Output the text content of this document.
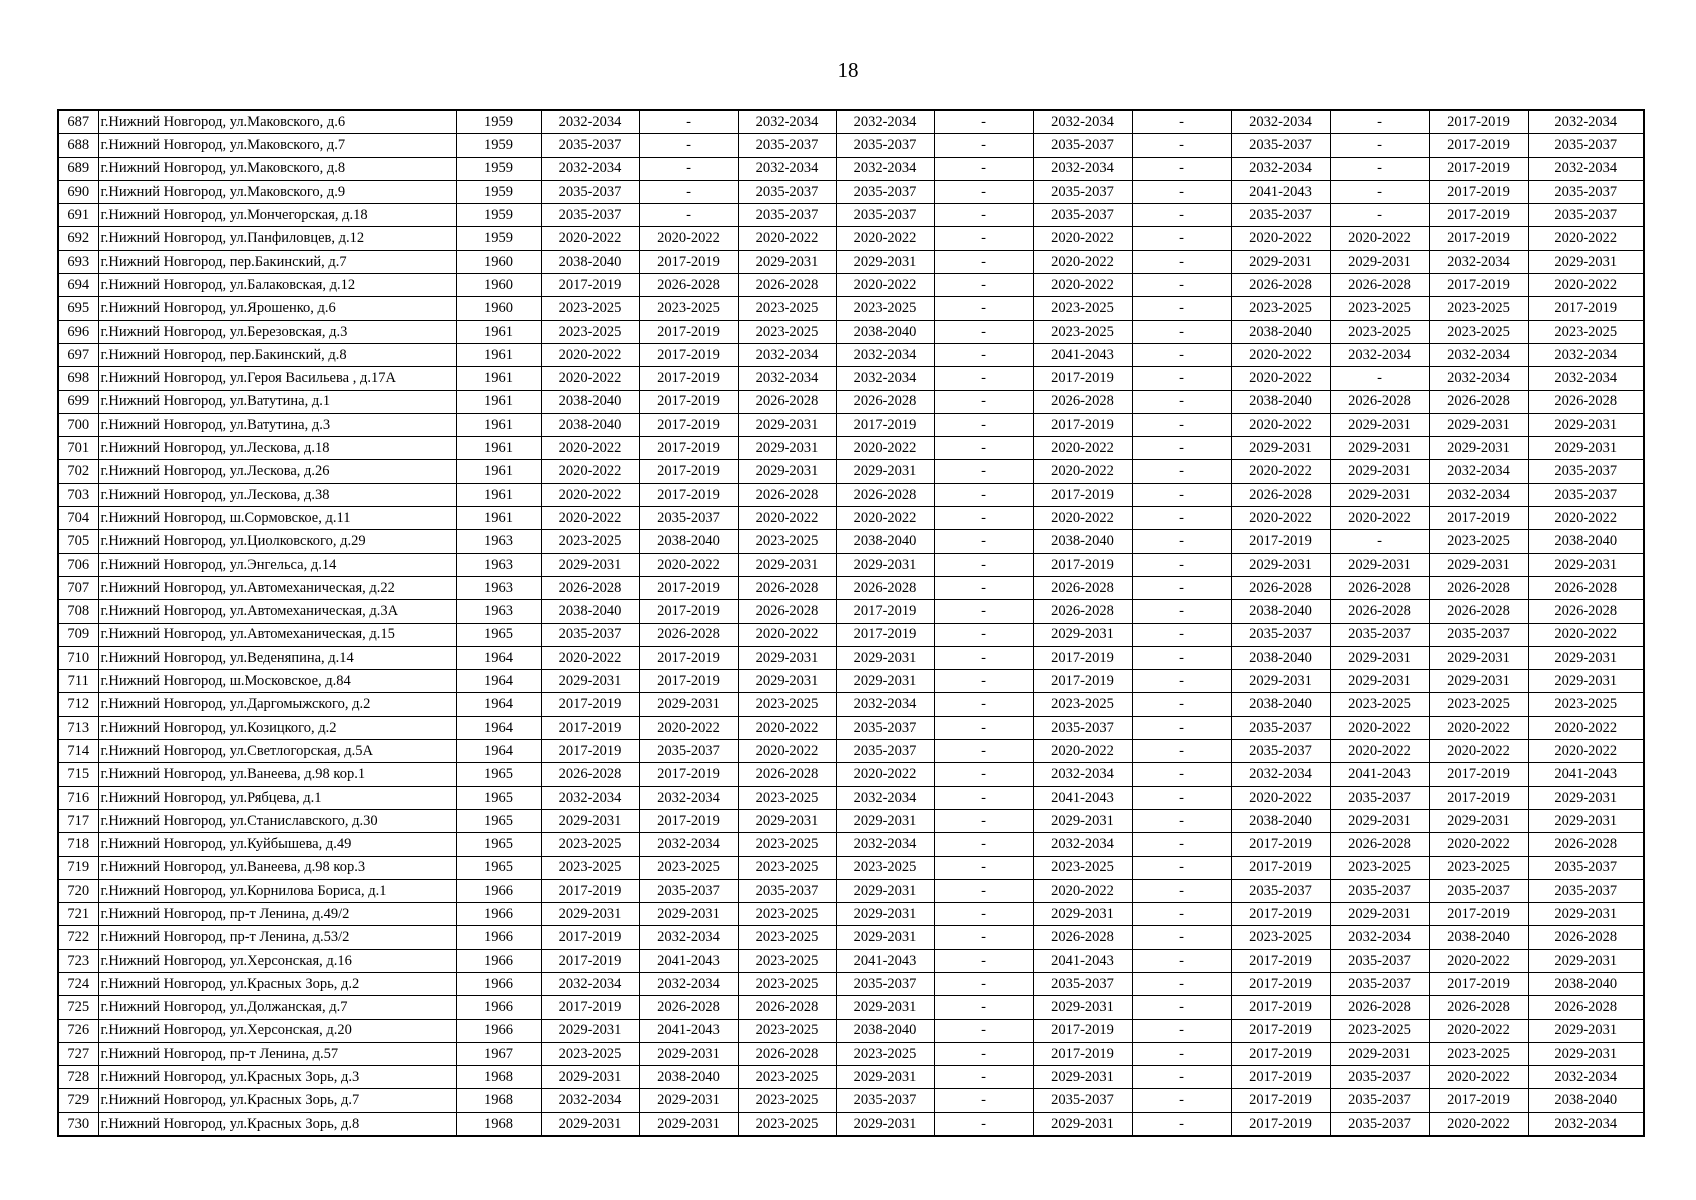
18
687	г.Нижний Новгород, ул.Маковского, д.6	1959	2032-2034	-	2032-2034	2032-2034	-	2032-2034	-	2032-2034	-	2017-2019	2032-2034
688	г.Нижний Новгород, ул.Маковского, д.7	1959	2035-2037	-	2035-2037	2035-2037	-	2035-2037	-	2035-2037	-	2017-2019	2035-2037
689	г.Нижний Новгород, ул.Маковского, д.8	1959	2032-2034	-	2032-2034	2032-2034	-	2032-2034	-	2032-2034	-	2017-2019	2032-2034
690	г.Нижний Новгород, ул.Маковского, д.9	1959	2035-2037	-	2035-2037	2035-2037	-	2035-2037	-	2041-2043	-	2017-2019	2035-2037
691	г.Нижний Новгород, ул.Мончегорская, д.18	1959	2035-2037	-	2035-2037	2035-2037	-	2035-2037	-	2035-2037	-	2017-2019	2035-2037
692	г.Нижний Новгород, ул.Панфиловцев, д.12	1959	2020-2022	2020-2022	2020-2022	2020-2022	-	2020-2022	-	2020-2022	2020-2022	2017-2019	2020-2022
693	г.Нижний Новгород, пер.Бакинский, д.7	1960	2038-2040	2017-2019	2029-2031	2029-2031	-	2020-2022	-	2029-2031	2029-2031	2032-2034	2029-2031
694	г.Нижний Новгород, ул.Балаковская, д.12	1960	2017-2019	2026-2028	2026-2028	2020-2022	-	2020-2022	-	2026-2028	2026-2028	2017-2019	2020-2022
695	г.Нижний Новгород, ул.Ярошенко, д.6	1960	2023-2025	2023-2025	2023-2025	2023-2025	-	2023-2025	-	2023-2025	2023-2025	2023-2025	2017-2019
696	г.Нижний Новгород, ул.Березовская, д.3	1961	2023-2025	2017-2019	2023-2025	2038-2040	-	2023-2025	-	2038-2040	2023-2025	2023-2025	2023-2025
697	г.Нижний Новгород, пер.Бакинский, д.8	1961	2020-2022	2017-2019	2032-2034	2032-2034	-	2041-2043	-	2020-2022	2032-2034	2032-2034	2032-2034
698	г.Нижний Новгород, ул.Героя Васильева , д.17А	1961	2020-2022	2017-2019	2032-2034	2032-2034	-	2017-2019	-	2020-2022	-	2032-2034	2032-2034
699	г.Нижний Новгород, ул.Ватутина, д.1	1961	2038-2040	2017-2019	2026-2028	2026-2028	-	2026-2028	-	2038-2040	2026-2028	2026-2028	2026-2028
700	г.Нижний Новгород, ул.Ватутина, д.3	1961	2038-2040	2017-2019	2029-2031	2017-2019	-	2017-2019	-	2020-2022	2029-2031	2029-2031	2029-2031
701	г.Нижний Новгород, ул.Лескова, д.18	1961	2020-2022	2017-2019	2029-2031	2020-2022	-	2020-2022	-	2029-2031	2029-2031	2029-2031	2029-2031
702	г.Нижний Новгород, ул.Лескова, д.26	1961	2020-2022	2017-2019	2029-2031	2029-2031	-	2020-2022	-	2020-2022	2029-2031	2032-2034	2035-2037
703	г.Нижний Новгород, ул.Лескова, д.38	1961	2020-2022	2017-2019	2026-2028	2026-2028	-	2017-2019	-	2026-2028	2029-2031	2032-2034	2035-2037
704	г.Нижний Новгород, ш.Сормовское, д.11	1961	2020-2022	2035-2037	2020-2022	2020-2022	-	2020-2022	-	2020-2022	2020-2022	2017-2019	2020-2022
705	г.Нижний Новгород, ул.Циолковского, д.29	1963	2023-2025	2038-2040	2023-2025	2038-2040	-	2038-2040	-	2017-2019	-	2023-2025	2038-2040
706	г.Нижний Новгород, ул.Энгельса, д.14	1963	2029-2031	2020-2022	2029-2031	2029-2031	-	2017-2019	-	2029-2031	2029-2031	2029-2031	2029-2031
707	г.Нижний Новгород, ул.Автомеханическая, д.22	1963	2026-2028	2017-2019	2026-2028	2026-2028	-	2026-2028	-	2026-2028	2026-2028	2026-2028	2026-2028
708	г.Нижний Новгород, ул.Автомеханическая, д.3А	1963	2038-2040	2017-2019	2026-2028	2017-2019	-	2026-2028	-	2038-2040	2026-2028	2026-2028	2026-2028
709	г.Нижний Новгород, ул.Автомеханическая, д.15	1965	2035-2037	2026-2028	2020-2022	2017-2019	-	2029-2031	-	2035-2037	2035-2037	2035-2037	2020-2022
710	г.Нижний Новгород, ул.Веденяпина, д.14	1964	2020-2022	2017-2019	2029-2031	2029-2031	-	2017-2019	-	2038-2040	2029-2031	2029-2031	2029-2031
711	г.Нижний Новгород, ш.Московское, д.84	1964	2029-2031	2017-2019	2029-2031	2029-2031	-	2017-2019	-	2029-2031	2029-2031	2029-2031	2029-2031
712	г.Нижний Новгород, ул.Даргомыжского, д.2	1964	2017-2019	2029-2031	2023-2025	2032-2034	-	2023-2025	-	2038-2040	2023-2025	2023-2025	2023-2025
713	г.Нижний Новгород, ул.Козицкого, д.2	1964	2017-2019	2020-2022	2020-2022	2035-2037	-	2035-2037	-	2035-2037	2020-2022	2020-2022	2020-2022
714	г.Нижний Новгород, ул.Светлогорская, д.5А	1964	2017-2019	2035-2037	2020-2022	2035-2037	-	2020-2022	-	2035-2037	2020-2022	2020-2022	2020-2022
715	г.Нижний Новгород, ул.Ванеева, д.98 кор.1	1965	2026-2028	2017-2019	2026-2028	2020-2022	-	2032-2034	-	2032-2034	2041-2043	2017-2019	2041-2043
716	г.Нижний Новгород, ул.Рябцева, д.1	1965	2032-2034	2032-2034	2023-2025	2032-2034	-	2041-2043	-	2020-2022	2035-2037	2017-2019	2029-2031
717	г.Нижний Новгород, ул.Станиславского, д.30	1965	2029-2031	2017-2019	2029-2031	2029-2031	-	2029-2031	-	2038-2040	2029-2031	2029-2031	2029-2031
718	г.Нижний Новгород, ул.Куйбышева, д.49	1965	2023-2025	2032-2034	2023-2025	2032-2034	-	2032-2034	-	2017-2019	2026-2028	2020-2022	2026-2028
719	г.Нижний Новгород, ул.Ванеева, д.98 кор.3	1965	2023-2025	2023-2025	2023-2025	2023-2025	-	2023-2025	-	2017-2019	2023-2025	2023-2025	2035-2037
720	г.Нижний Новгород, ул.Корнилова Бориса, д.1	1966	2017-2019	2035-2037	2035-2037	2029-2031	-	2020-2022	-	2035-2037	2035-2037	2035-2037	2035-2037
721	г.Нижний Новгород, пр-т Ленина, д.49/2	1966	2029-2031	2029-2031	2023-2025	2029-2031	-	2029-2031	-	2017-2019	2029-2031	2017-2019	2029-2031
722	г.Нижний Новгород, пр-т Ленина, д.53/2	1966	2017-2019	2032-2034	2023-2025	2029-2031	-	2026-2028	-	2023-2025	2032-2034	2038-2040	2026-2028
723	г.Нижний Новгород, ул.Херсонская, д.16	1966	2017-2019	2041-2043	2023-2025	2041-2043	-	2041-2043	-	2017-2019	2035-2037	2020-2022	2029-2031
724	г.Нижний Новгород, ул.Красных Зорь, д.2	1966	2032-2034	2032-2034	2023-2025	2035-2037	-	2035-2037	-	2017-2019	2035-2037	2017-2019	2038-2040
725	г.Нижний Новгород, ул.Должанская, д.7	1966	2017-2019	2026-2028	2026-2028	2029-2031	-	2029-2031	-	2017-2019	2026-2028	2026-2028	2026-2028
726	г.Нижний Новгород, ул.Херсонская, д.20	1966	2029-2031	2041-2043	2023-2025	2038-2040	-	2017-2019	-	2017-2019	2023-2025	2020-2022	2029-2031
727	г.Нижний Новгород, пр-т Ленина, д.57	1967	2023-2025	2029-2031	2026-2028	2023-2025	-	2017-2019	-	2017-2019	2029-2031	2023-2025	2029-2031
728	г.Нижний Новгород, ул.Красных Зорь, д.3	1968	2029-2031	2038-2040	2023-2025	2029-2031	-	2029-2031	-	2017-2019	2035-2037	2020-2022	2032-2034
729	г.Нижний Новгород, ул.Красных Зорь, д.7	1968	2032-2034	2029-2031	2023-2025	2035-2037	-	2035-2037	-	2017-2019	2035-2037	2017-2019	2038-2040
730	г.Нижний Новгород, ул.Красных Зорь, д.8	1968	2029-2031	2029-2031	2023-2025	2029-2031	-	2029-2031	-	2017-2019	2035-2037	2020-2022	2032-2034
